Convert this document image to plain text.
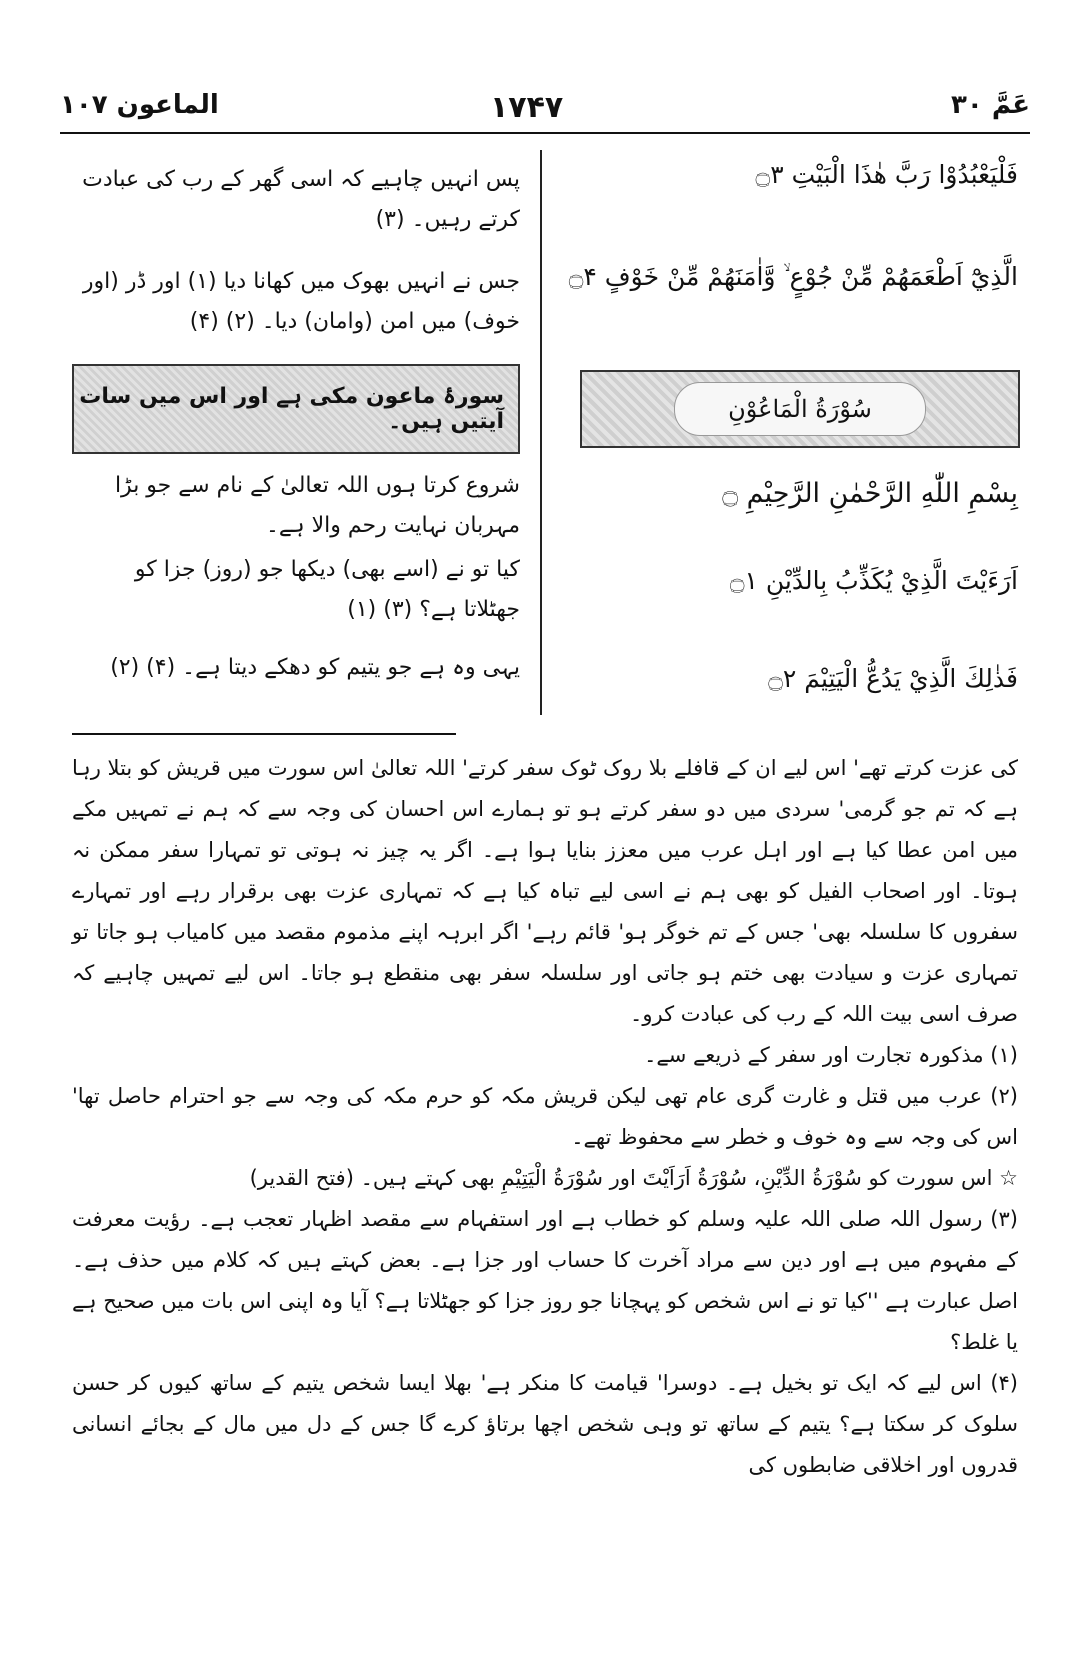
عَمَّ ۳۰
۱۷۴۷
الماعون ۱۰۷
فَلْيَعْبُدُوْا رَبَّ هٰذَا الْبَيْتِ ۝۳
الَّذِيْٓ اَطْعَمَهُمْ مِّنْ جُوْعٍ ۙ وَّاٰمَنَهُمْ مِّنْ خَوْفٍ ۝۴
سُوْرَةُ الْمَاعُوْنِ
بِسْمِ اللّٰهِ الرَّحْمٰنِ الرَّحِيْمِ ۝
اَرَءَيْتَ الَّذِيْ يُكَذِّبُ بِالدِّيْنِ ۝۱
فَذٰلِكَ الَّذِيْ يَدُعُّ الْيَتِيْمَ ۝۲
پس انہیں چاہیے کہ اسی گھر کے رب کی عبادت کرتے رہیں۔ (۳)
جس نے انہیں بھوک میں کھانا دیا (۱) اور ڈر (اور خوف) میں امن (وامان) دیا۔ (۲) (۴)
سورۂ ماعون مکی ہے اور اس میں سات آیتیں ہیں۔
شروع کرتا ہوں اللہ تعالیٰ کے نام سے جو بڑا مہربان نہایت رحم والا ہے۔
کیا تو نے (اسے بھی) دیکھا جو (روز) جزا کو جھٹلاتا ہے؟ (۳) (۱)
یہی وہ ہے جو یتیم کو دھکے دیتا ہے۔ (۴) (۲)

کی عزت کرتے تھے' اس لیے ان کے قافلے بلا روک ٹوک سفر کرتے' اللہ تعالیٰ اس سورت میں قریش کو بتلا رہا ہے کہ تم جو گرمی' سردی میں دو سفر کرتے ہو تو ہمارے اس احسان کی وجہ سے کہ ہم نے تمہیں مکے میں امن عطا کیا ہے اور اہل عرب میں معزز بنایا ہوا ہے۔ اگر یہ چیز نہ ہوتی تو تمہارا سفر ممکن نہ ہوتا۔ اور اصحاب الفیل کو بھی ہم نے اسی لیے تباہ کیا ہے کہ تمہاری عزت بھی برقرار رہے اور تمہارے سفروں کا سلسلہ بھی' جس کے تم خوگر ہو' قائم رہے' اگر ابرہہ اپنے مذموم مقصد میں کامیاب ہو جاتا تو تمہاری عزت و سیادت بھی ختم ہو جاتی اور سلسلہ سفر بھی منقطع ہو جاتا۔ اس لیے تمہیں چاہیے کہ صرف اسی بیت اللہ کے رب کی عبادت کرو۔

(۱) مذکورہ تجارت اور سفر کے ذریعے سے۔

(۲) عرب میں قتل و غارت گری عام تھی لیکن قریش مکہ کو حرم مکہ کی وجہ سے جو احترام حاصل تھا' اس کی وجہ سے وہ خوف و خطر سے محفوظ تھے۔

☆ اس سورت کو سُوْرَةُ الدِّيْنِ، سُوْرَةُ اَرَاَيْتَ اور سُوْرَةُ الْيَتِيْمِ بھی کہتے ہیں۔ (فتح القدیر)

(۳) رسول اللہ صلی اللہ علیہ وسلم کو خطاب ہے اور استفہام سے مقصد اظہار تعجب ہے۔ رؤیت معرفت کے مفہوم میں ہے اور دین سے مراد آخرت کا حساب اور جزا ہے۔ بعض کہتے ہیں کہ کلام میں حذف ہے۔ اصل عبارت ہے ''کیا تو نے اس شخص کو پہچانا جو روز جزا کو جھٹلاتا ہے؟ آیا وہ اپنی اس بات میں صحیح ہے یا غلط؟

(۴) اس لیے کہ ایک تو بخیل ہے۔ دوسرا' قیامت کا منکر ہے' بھلا ایسا شخص یتیم کے ساتھ کیوں کر حسن سلوک کر سکتا ہے؟ یتیم کے ساتھ تو وہی شخص اچھا برتاؤ کرے گا جس کے دل میں مال کے بجائے انسانی قدروں اور اخلاقی ضابطوں کی
